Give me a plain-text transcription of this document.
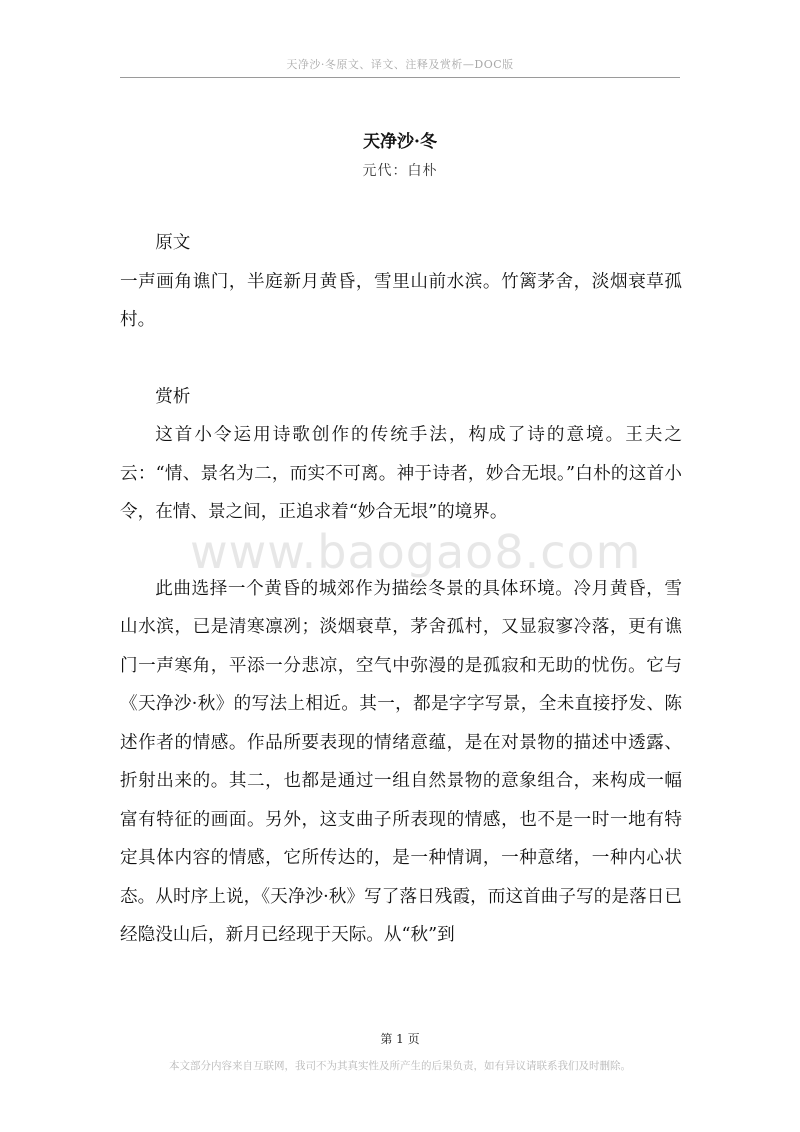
天净沙·冬原文、译文、注释及赏析—DOC版
天净沙·冬
元代：白朴

原文

一声画角谯门，半庭新月黄昏，雪里山前水滨。竹篱茅舍，淡烟衰草孤村。

赏析

这首小令运用诗歌创作的传统手法，构成了诗的意境。王夫之云：“情、景名为二，而实不可离。神于诗者，妙合无垠。”白朴的这首小令，在情、景之间，正追求着“妙合无垠”的境界。

此曲选择一个黄昏的城郊作为描绘冬景的具体环境。冷月黄昏，雪山水滨，已是清寒凛冽；淡烟衰草，茅舍孤村，又显寂寥冷落，更有谯门一声寒角，平添一分悲凉，空气中弥漫的是孤寂和无助的忧伤。它与《天净沙·秋》的写法上相近。其一，都是字字写景，全未直接抒发、陈述作者的情感。作品所要表现的情绪意蕴，是在对景物的描述中透露、折射出来的。其二，也都是通过一组自然景物的意象组合，来构成一幅富有特征的画面。另外，这支曲子所表现的情感，也不是一时一地有特定具体内容的情感，它所传达的，是一种情调，一种意绪，一种内心状态。从时序上说，《天净沙·秋》写了落日残霞，而这首曲子写的是落日已经隐没山后，新月已经现于天际。从“秋”到

www.baogao8.com
第 1 页
本文部分内容来自互联网，我司不为其真实性及所产生的后果负责，如有异议请联系我们及时删除。
